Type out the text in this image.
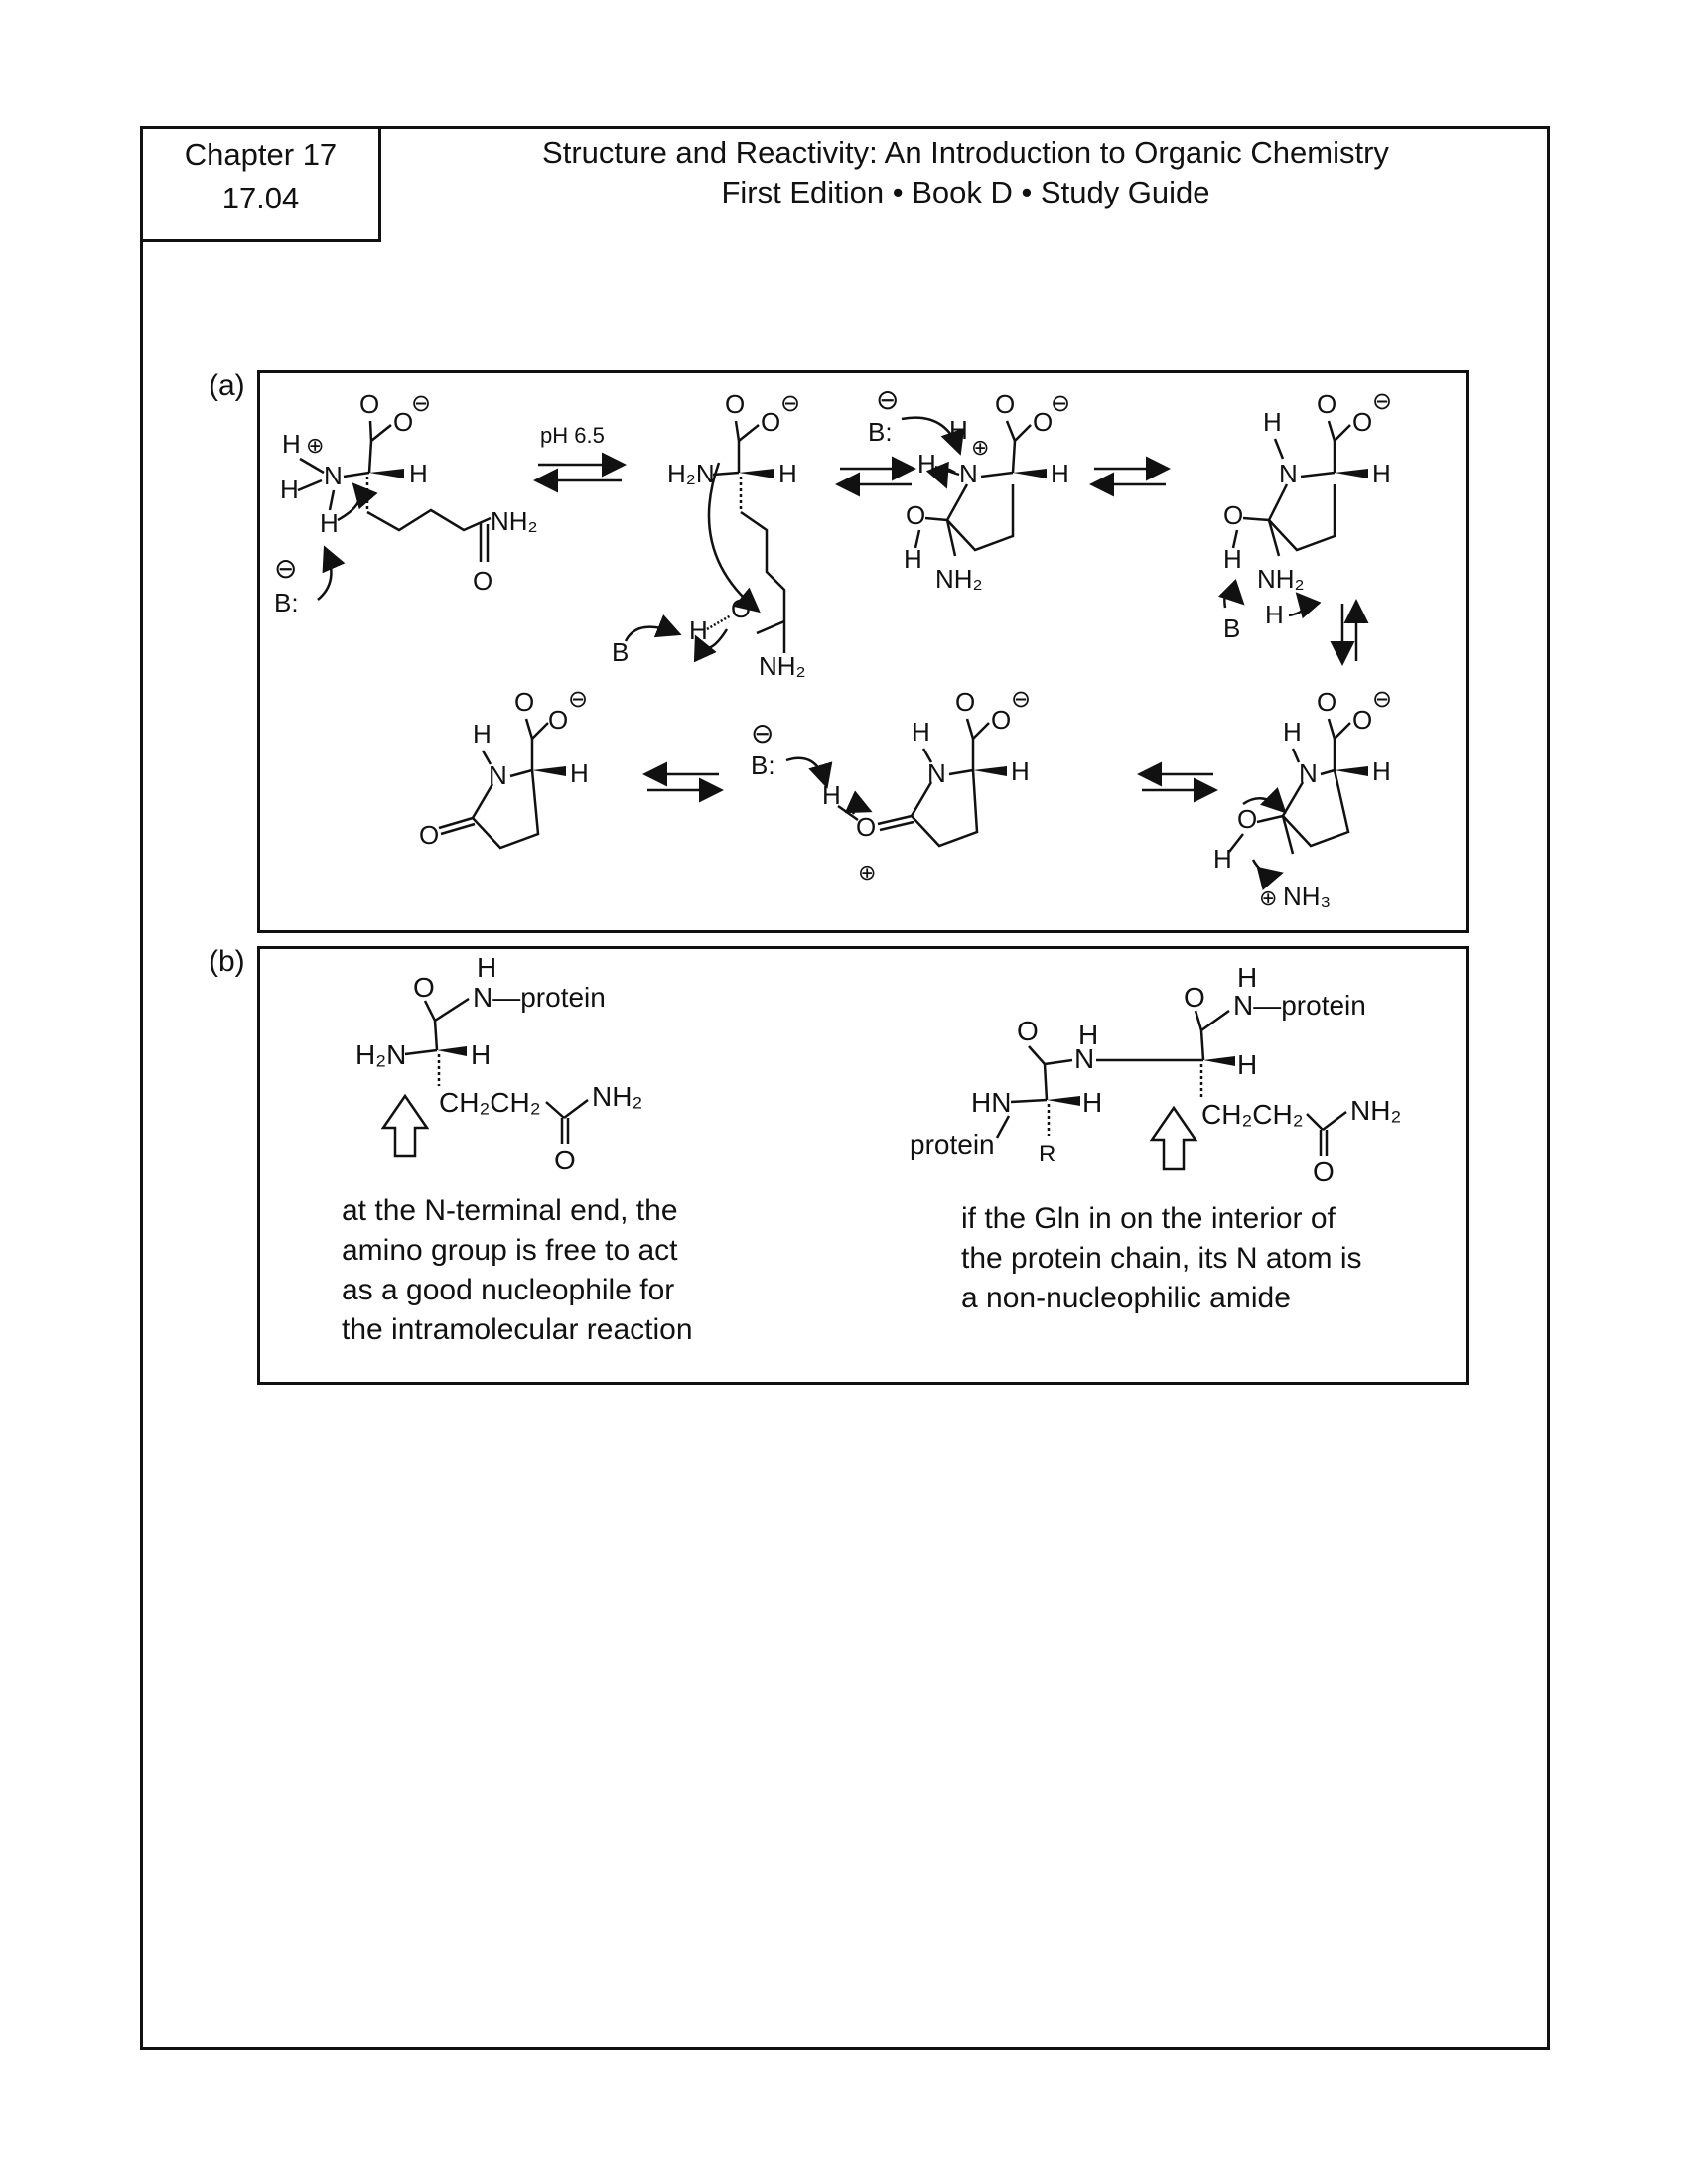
Chapter 17
17.04
Structure and Reactivity: An Introduction to Organic Chemistry
First Edition • Book D • Study Guide
(a)
O
O
⊖
H ⊕
H N	H
H	NH₂
O
⊖
B:
pH 6.5
O
O
⊖
H₂N H
O
NH₂
H
B
⊖
B:
O
O
⊖
H
⊕
H N	H
O
H
NH₂
O
O
⊖
H
N	H
O
H
NH₂
H
B
O
O
⊖
H
N H
O
H
⊕ NH₃
O
O
⊖
H
N	H
O
⊕
H
⊖
B:
O
O
⊖
H
N H
O
(b)	H
O N—protein
H₂N H
CH₂CH₂ NH₂
O
H
O N—protein
H
N	H
CH₂CH₂ NH₂
O
O
HN	H
R
protein
at the N-terminal end, the
amino group is free to act
as a good nucleophile for
the intramolecular reaction
if the Gln in on the interior of
the protein chain, its N atom is
a non-nucleophilic amide
